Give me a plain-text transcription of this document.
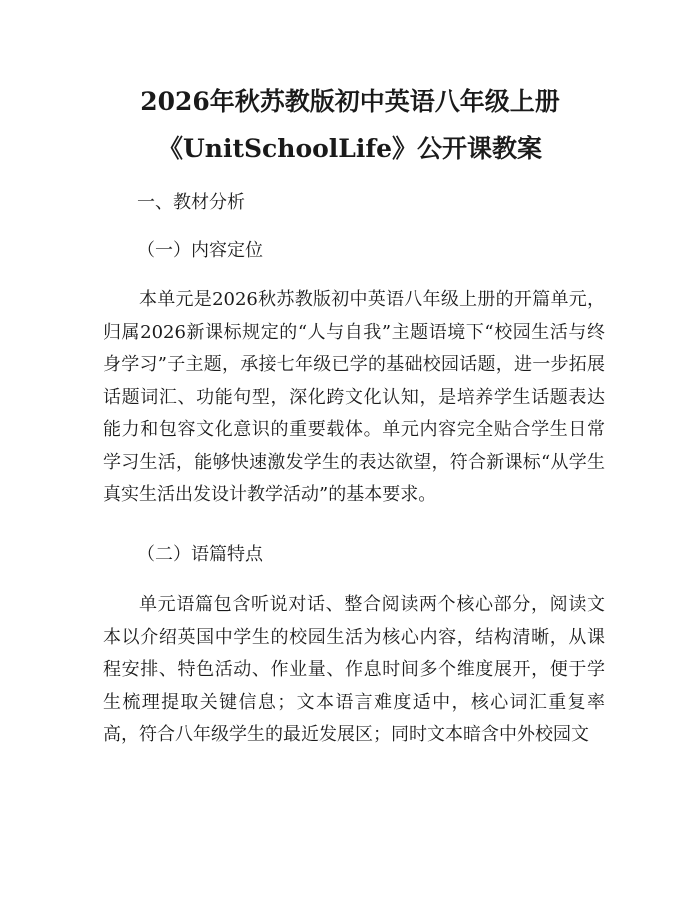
2026年秋苏教版初中英语八年级上册
《UnitSchoolLife》公开课教案
一、教材分析
（一）内容定位

本单元是2026秋苏教版初中英语八年级上册的开篇单元，归属2026新课标规定的“人与自我”主题语境下“校园生活与终身学习”子主题，承接七年级已学的基础校园话题，进一步拓展话题词汇、功能句型，深化跨文化认知，是培养学生话题表达能力和包容文化意识的重要载体。单元内容完全贴合学生日常学习生活，能够快速激发学生的表达欲望，符合新课标“从学生真实生活出发设计教学活动”的基本要求。

（二）语篇特点

单元语篇包含听说对话、整合阅读两个核心部分，阅读文本以介绍英国中学生的校园生活为核心内容，结构清晰，从课程安排、特色活动、作业量、作息时间多个维度展开，便于学生梳理提取关键信息；文本语言难度适中，核心词汇重复率高，符合八年级学生的最近发展区；同时文本暗含中外校园文
